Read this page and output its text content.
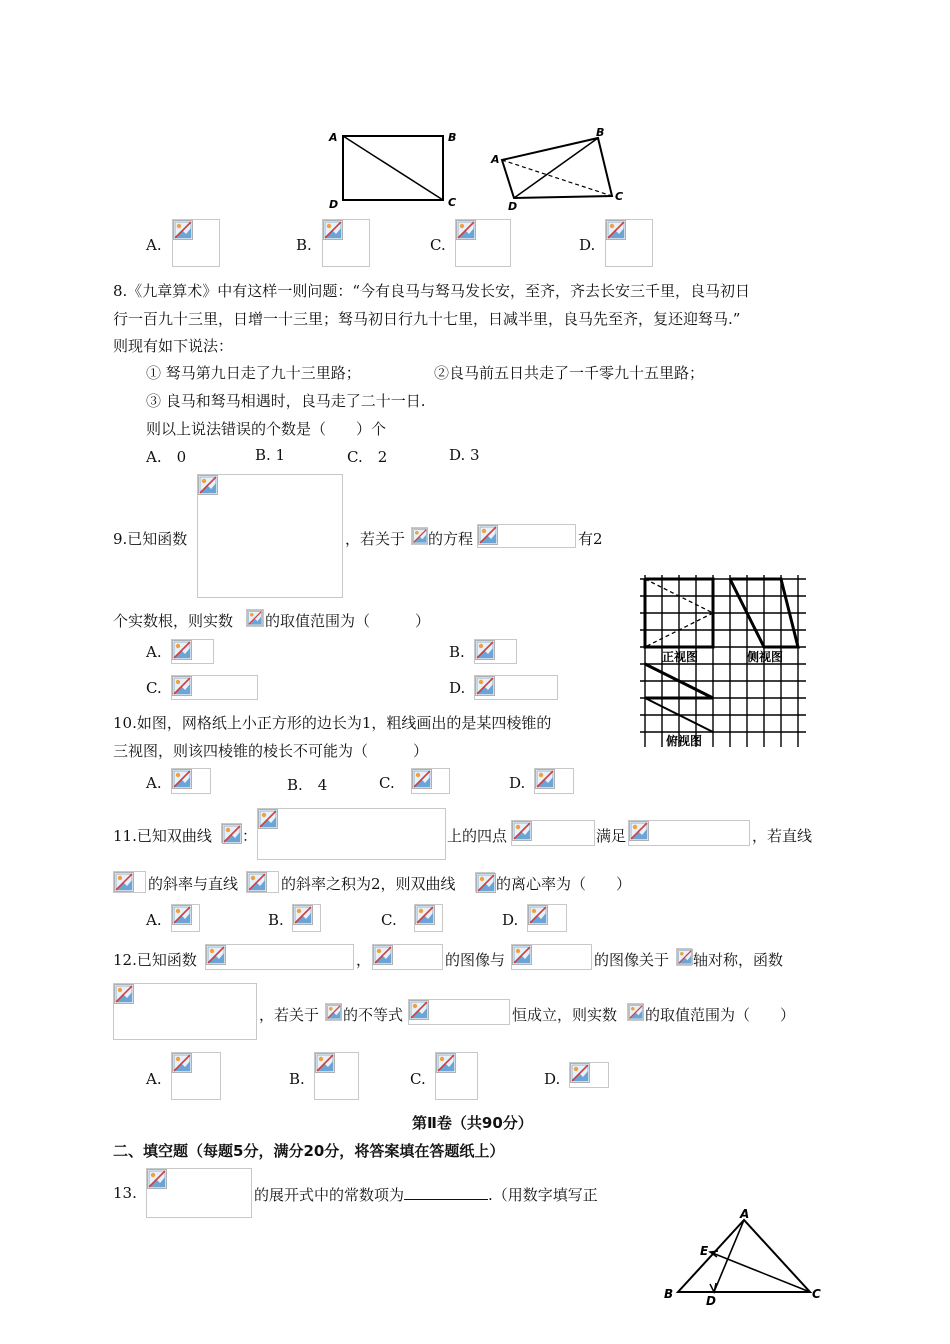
A	B
C
D
A
B
C
D
A.	B.	C.	D.
8.《九章算术》中有这样一则问题：“今有良马与驽马发长安，至齐，齐去长安三千里，良马初日
行一百九十三里，日增一十三里；驽马初日行九十七里，日减半里，良马先至齐，复还迎驽马.”
则现有如下说法：
① 驽马第九日走了九十三里路；	②良马前五日共走了一千零九十五里路；
③ 良马和驽马相遇时，良马走了二十一日.
则以上说法错误的个数是（　　）个
A.　0	B. 1	C.　2	D. 3
9.已知函数	，若关于 的方程	有2
个实数根，则实数 的取值范围为（　　　）
A.	B.
C.	D.
正视图	侧视图
俯视图
10.如图，网格纸上小正方形的边长为1，粗线画出的是某四棱锥的
三视图，则该四棱锥的棱长不可能为（　　　）
A.	B.　4	C.	D.
11.已知双曲线 ：	上的四点	满足	，若直线
的斜率与直线	的斜率之积为2，则双曲线	的离心率为（　　）
A.	B.	C.	D.
12.已知函数	，	的图像与	的图像关于 轴对称，函数
，若关于 的不等式	恒成立，则实数 的取值范围为（　　）
A.	B.	C.	D.
第Ⅱ卷（共90分）
二、填空题（每题5分，满分20分，将答案填在答题纸上）
13.	的展开式中的常数项为	.（用数字填写正
A
B	C
D
E
